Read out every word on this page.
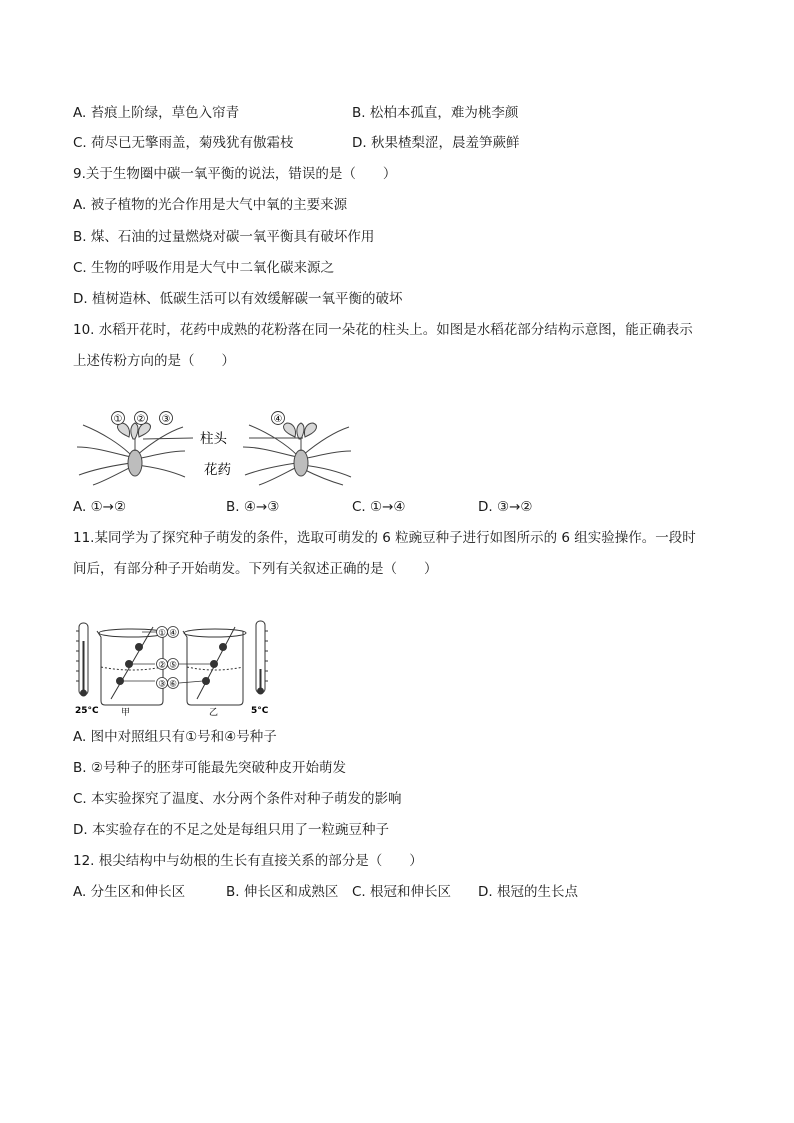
A. 苔痕上阶绿，草色入帘青	B. 松柏本孤直，难为桃李颜
C. 荷尽已无擎雨盖，菊残犹有傲霜枝	D. 秋果楂梨涩，晨羞笋蕨鲜
9.关于生物圈中碳一氧平衡的说法，错误的是（　　）
A. 被子植物的光合作用是大气中氧的主要来源
B. 煤、石油的过量燃烧对碳一氧平衡具有破坏作用
C. 生物的呼吸作用是大气中二氧化碳来源之
D. 植树造林、低碳生活可以有效缓解碳一氧平衡的破坏
10. 水稻开花时，花药中成熟的花粉落在同一朵花的柱头上。如图是水稻花部分结构示意图，能正确表示
上述传粉方向的是（　　）
① ② ③
柱头
花药
④
A. ①→②	B. ④→③	C. ①→④	D. ③→②
11.某同学为了探究种子萌发的条件，选取可萌发的 6 粒豌豆种子进行如图所示的 6 组实验操作。一段时
间后，有部分种子开始萌发。下列有关叙述正确的是（　　）
25°C
①
②
③
④
⑤
⑥
甲	乙	5°C
A. 图中对照组只有①号和④号种子
B. ②号种子的胚芽可能最先突破种皮开始萌发
C. 本实验探究了温度、水分两个条件对种子萌发的影响
D. 本实验存在的不足之处是每组只用了一粒豌豆种子
12. 根尖结构中与幼根的生长有直接关系的部分是（　　）
A. 分生区和伸长区	B. 伸长区和成熟区 C. 根冠和伸长区 D. 根冠的生长点
